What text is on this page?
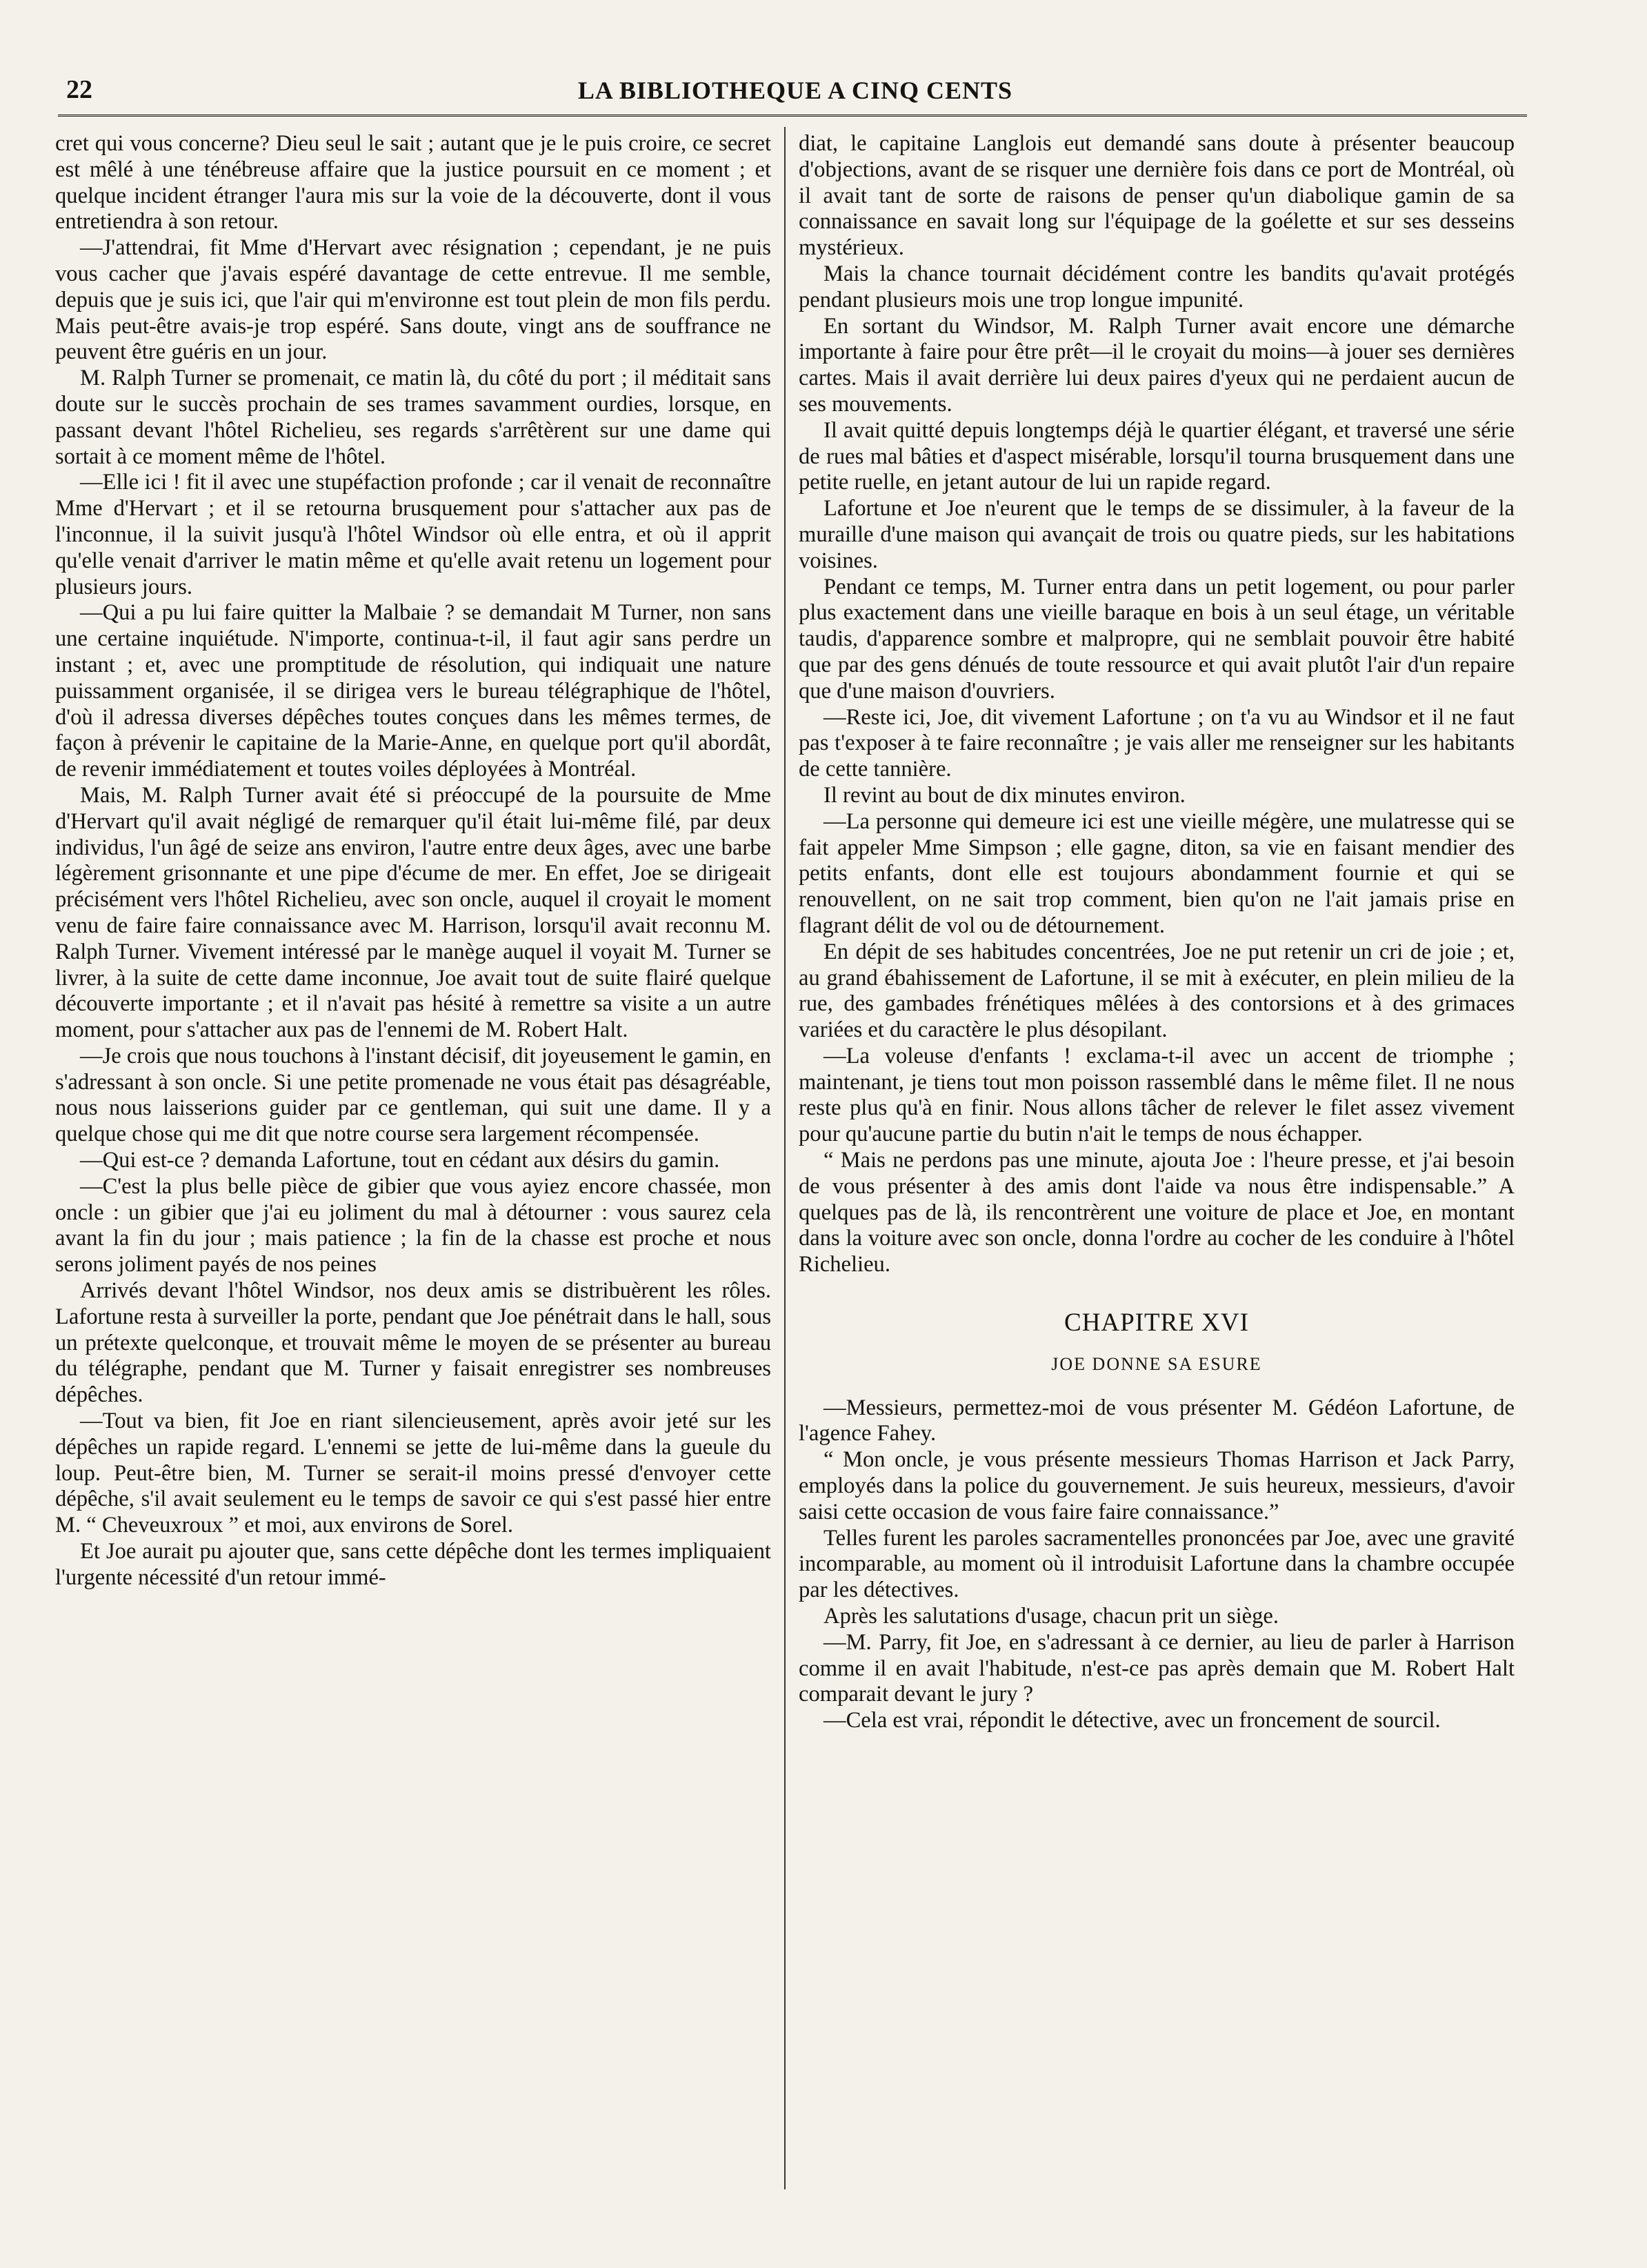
22	LA BIBLIOTHEQUE A CINQ CENTS

cret qui vous concerne? Dieu seul le sait ; autant que je le puis croire, ce secret est mêlé à une ténébreuse affaire que la justice poursuit en ce moment ; et quelque incident étranger l'aura mis sur la voie de la découverte, dont il vous entretiendra à son retour.

—J'attendrai, fit Mme d'Hervart avec résignation ; cependant, je ne puis vous cacher que j'avais espéré davantage de cette entrevue. Il me semble, depuis que je suis ici, que l'air qui m'environne est tout plein de mon fils perdu. Mais peut-être avais-je trop espéré. Sans doute, vingt ans de souffrance ne peuvent être guéris en un jour.

M. Ralph Turner se promenait, ce matin là, du côté du port ; il méditait sans doute sur le succès prochain de ses trames savamment ourdies, lorsque, en passant devant l'hôtel Richelieu, ses regards s'arrêtèrent sur une dame qui sortait à ce moment même de l'hôtel.

—Elle ici ! fit il avec une stupéfaction profonde ; car il venait de reconnaître Mme d'Hervart ; et il se retourna brusquement pour s'attacher aux pas de l'inconnue, il la suivit jusqu'à l'hôtel Windsor où elle entra, et où il apprit qu'elle venait d'arriver le matin même et qu'elle avait retenu un logement pour plusieurs jours.

—Qui a pu lui faire quitter la Malbaie ? se demandait M Turner, non sans une certaine inquiétude. N'importe, continua-t-il, il faut agir sans perdre un instant ; et, avec une promptitude de résolution, qui indiquait une nature puissamment organisée, il se dirigea vers le bureau télégraphique de l'hôtel, d'où il adressa diverses dépêches toutes conçues dans les mêmes termes, de façon à prévenir le capitaine de la Marie-Anne, en quelque port qu'il abordât, de revenir immédiatement et toutes voiles déployées à Montréal.

Mais, M. Ralph Turner avait été si préoccupé de la poursuite de Mme d'Hervart qu'il avait négligé de remarquer qu'il était lui-même filé, par deux individus, l'un âgé de seize ans environ, l'autre entre deux âges, avec une barbe légèrement grisonnante et une pipe d'écume de mer. En effet, Joe se dirigeait précisément vers l'hôtel Richelieu, avec son oncle, auquel il croyait le moment venu de faire faire connaissance avec M. Harrison, lorsqu'il avait reconnu M. Ralph Turner. Vivement intéressé par le manège auquel il voyait M. Turner se livrer, à la suite de cette dame inconnue, Joe avait tout de suite flairé quelque découverte importante ; et il n'avait pas hésité à remettre sa visite a un autre moment, pour s'attacher aux pas de l'ennemi de M. Robert Halt.

—Je crois que nous touchons à l'instant décisif, dit joyeusement le gamin, en s'adressant à son oncle. Si une petite promenade ne vous était pas désagréable, nous nous laisserions guider par ce gentleman, qui suit une dame. Il y a quelque chose qui me dit que notre course sera largement récompensée.

—Qui est-ce ? demanda Lafortune, tout en cédant aux désirs du gamin.

—C'est la plus belle pièce de gibier que vous ayiez encore chassée, mon oncle : un gibier que j'ai eu joliment du mal à détourner : vous saurez cela avant la fin du jour ; mais patience ; la fin de la chasse est proche et nous serons joliment payés de nos peines

Arrivés devant l'hôtel Windsor, nos deux amis se distribuèrent les rôles. Lafortune resta à surveiller la porte, pendant que Joe pénétrait dans le hall, sous un prétexte quelconque, et trouvait même le moyen de se présenter au bureau du télégraphe, pendant que M. Turner y faisait enregistrer ses nombreuses dépêches.

—Tout va bien, fit Joe en riant silencieusement, après avoir jeté sur les dépêches un rapide regard. L'ennemi se jette de lui-même dans la gueule du loup. Peut-être bien, M. Turner se serait-il moins pressé d'envoyer cette dépêche, s'il avait seulement eu le temps de savoir ce qui s'est passé hier entre M. “ Cheveuxroux ” et moi, aux environs de Sorel.

Et Joe aurait pu ajouter que, sans cette dépêche dont les termes impliquaient l'urgente nécessité d'un retour immé-

diat, le capitaine Langlois eut demandé sans doute à présenter beaucoup d'objections, avant de se risquer une dernière fois dans ce port de Montréal, où il avait tant de sorte de raisons de penser qu'un diabolique gamin de sa connaissance en savait long sur l'équipage de la goélette et sur ses desseins mystérieux.

Mais la chance tournait décidément contre les bandits qu'avait protégés pendant plusieurs mois une trop longue impunité.

En sortant du Windsor, M. Ralph Turner avait encore une démarche importante à faire pour être prêt—il le croyait du moins—à jouer ses dernières cartes. Mais il avait derrière lui deux paires d'yeux qui ne perdaient aucun de ses mouvements.

Il avait quitté depuis longtemps déjà le quartier élégant, et traversé une série de rues mal bâties et d'aspect misérable, lorsqu'il tourna brusquement dans une petite ruelle, en jetant autour de lui un rapide regard.

Lafortune et Joe n'eurent que le temps de se dissimuler, à la faveur de la muraille d'une maison qui avançait de trois ou quatre pieds, sur les habitations voisines.

Pendant ce temps, M. Turner entra dans un petit logement, ou pour parler plus exactement dans une vieille baraque en bois à un seul étage, un véritable taudis, d'apparence sombre et malpropre, qui ne semblait pouvoir être habité que par des gens dénués de toute ressource et qui avait plutôt l'air d'un repaire que d'une maison d'ouvriers.

—Reste ici, Joe, dit vivement Lafortune ; on t'a vu au Windsor et il ne faut pas t'exposer à te faire reconnaître ; je vais aller me renseigner sur les habitants de cette tannière.

Il revint au bout de dix minutes environ.

—La personne qui demeure ici est une vieille mégère, une mulatresse qui se fait appeler Mme Simpson ; elle gagne, diton, sa vie en faisant mendier des petits enfants, dont elle est toujours abondamment fournie et qui se renouvellent, on ne sait trop comment, bien qu'on ne l'ait jamais prise en flagrant délit de vol ou de détournement.

En dépit de ses habitudes concentrées, Joe ne put retenir un cri de joie ; et, au grand ébahissement de Lafortune, il se mit à exécuter, en plein milieu de la rue, des gambades frénétiques mêlées à des contorsions et à des grimaces variées et du caractère le plus désopilant.

—La voleuse d'enfants ! exclama-t-il avec un accent de triomphe ; maintenant, je tiens tout mon poisson rassemblé dans le même filet. Il ne nous reste plus qu'à en finir. Nous allons tâcher de relever le filet assez vivement pour qu'aucune partie du butin n'ait le temps de nous échapper.

“ Mais ne perdons pas une minute, ajouta Joe : l'heure presse, et j'ai besoin de vous présenter à des amis dont l'aide va nous être indispensable.” A quelques pas de là, ils rencontrèrent une voiture de place et Joe, en montant dans la voiture avec son oncle, donna l'ordre au cocher de les conduire à l'hôtel Richelieu.

CHAPITRE XVI
JOE DONNE SA ESURE

—Messieurs, permettez-moi de vous présenter M. Gédéon Lafortune, de l'agence Fahey.

“ Mon oncle, je vous présente messieurs Thomas Harrison et Jack Parry, employés dans la police du gouvernement. Je suis heureux, messieurs, d'avoir saisi cette occasion de vous faire faire connaissance.”

Telles furent les paroles sacramentelles prononcées par Joe, avec une gravité incomparable, au moment où il introduisit Lafortune dans la chambre occupée par les détectives.

Après les salutations d'usage, chacun prit un siège.

—M. Parry, fit Joe, en s'adressant à ce dernier, au lieu de parler à Harrison comme il en avait l'habitude, n'est-ce pas après demain que M. Robert Halt comparait devant le jury ?

—Cela est vrai, répondit le détective, avec un froncement de sourcil.
